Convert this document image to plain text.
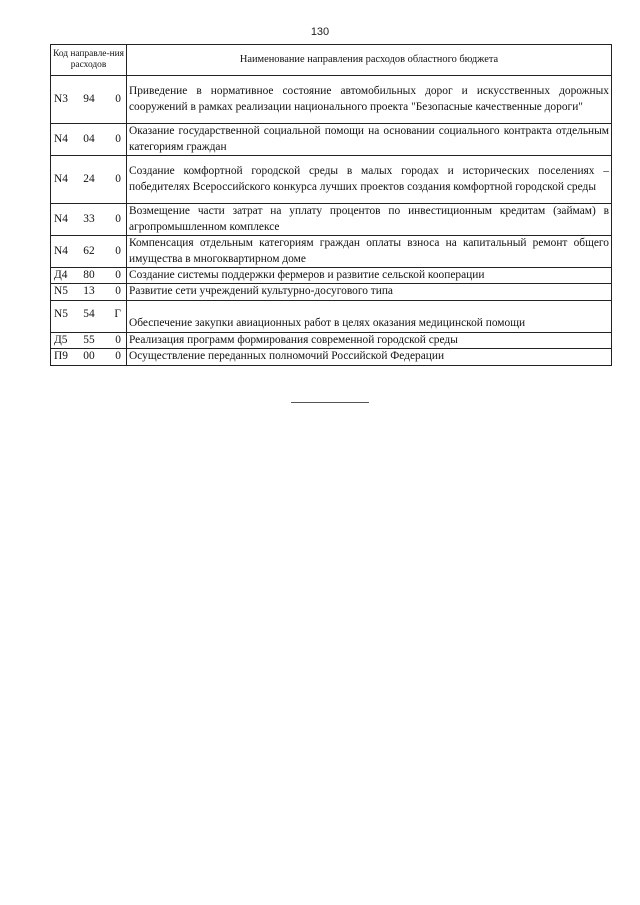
130
Код направле-ния расходов	Наименование направления расходов областного бюджета

N3 94 0	Приведение в нормативное состояние автомобильных дорог и искусственных дорожных сооружений в рамках реализации национального проекта "Безопасные качественные дороги"

N4 04 0	Оказание государственной социальной помощи на основании социального контракта отдельным категориям граждан

N4 24 0	Создание комфортной городской среды в малых городах и исторических поселениях – победителях Всероссийского конкурса лучших проектов создания комфортной городской среды

N4 33 0	Возмещение части затрат на уплату процентов по инвестиционным кредитам (займам) в агропромышленном комплексе

N4 62 0	Компенсация отдельным категориям граждан оплаты взноса на капитальный ремонт общего имущества в многоквартирном доме

Д4 80 0	Создание системы поддержки фермеров и развитие сельской кооперации

N5 13 0	Развитие сети учреждений культурно-досугового типа

N5 54 Г	Обеспечение закупки авиационных работ в целях оказания медицинской помощи

Д5 55 0	Реализация программ формирования современной городской среды

П9 00 0	Осуществление переданных полномочий Российской Федерации
